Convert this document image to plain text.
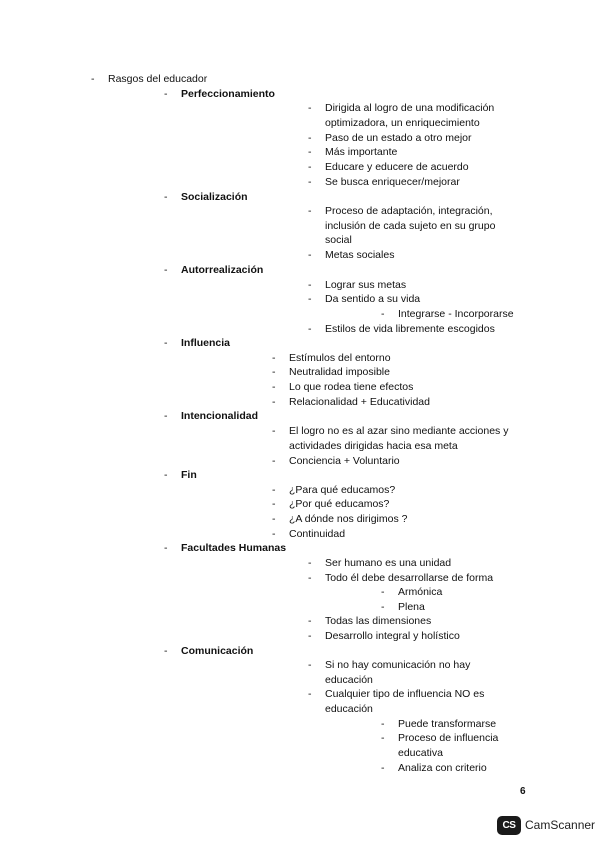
- Rasgos del educador
- Perfeccionamiento
- Dirigida al logro de una modificación
optimizadora, un enriquecimiento
- Paso de un estado a otro mejor
- Más importante
- Educare y educere de acuerdo
- Se busca enriquecer/mejorar
- Socialización
- Proceso de adaptación, integración,
inclusión de cada sujeto en su grupo
social
- Metas sociales
- Autorrealización
- Lograr sus metas
- Da sentido a su vida
- Integrarse - Incorporarse
- Estilos de vida libremente escogidos
- Influencia
- Estímulos del entorno
- Neutralidad imposible
- Lo que rodea tiene efectos
- Relacionalidad + Educatividad
- Intencionalidad
- El logro no es al azar sino mediante acciones y
actividades dirigidas hacia esa meta
- Conciencia + Voluntario
- Fin
- ¿Para qué educamos?
- ¿Por qué educamos?
- ¿A dónde nos dirigimos ?
- Continuidad
- Facultades Humanas
- Ser humano es una unidad
- Todo él debe desarrollarse de forma
- Armónica
- Plena
- Todas las dimensiones
- Desarrollo integral y holístico
- Comunicación
- Si no hay comunicación no hay
educación
- Cualquier tipo de influencia NO es
educación
- Puede transformarse
- Proceso de influencia
educativa
- Analiza con criterio
6
CS CamScanner
